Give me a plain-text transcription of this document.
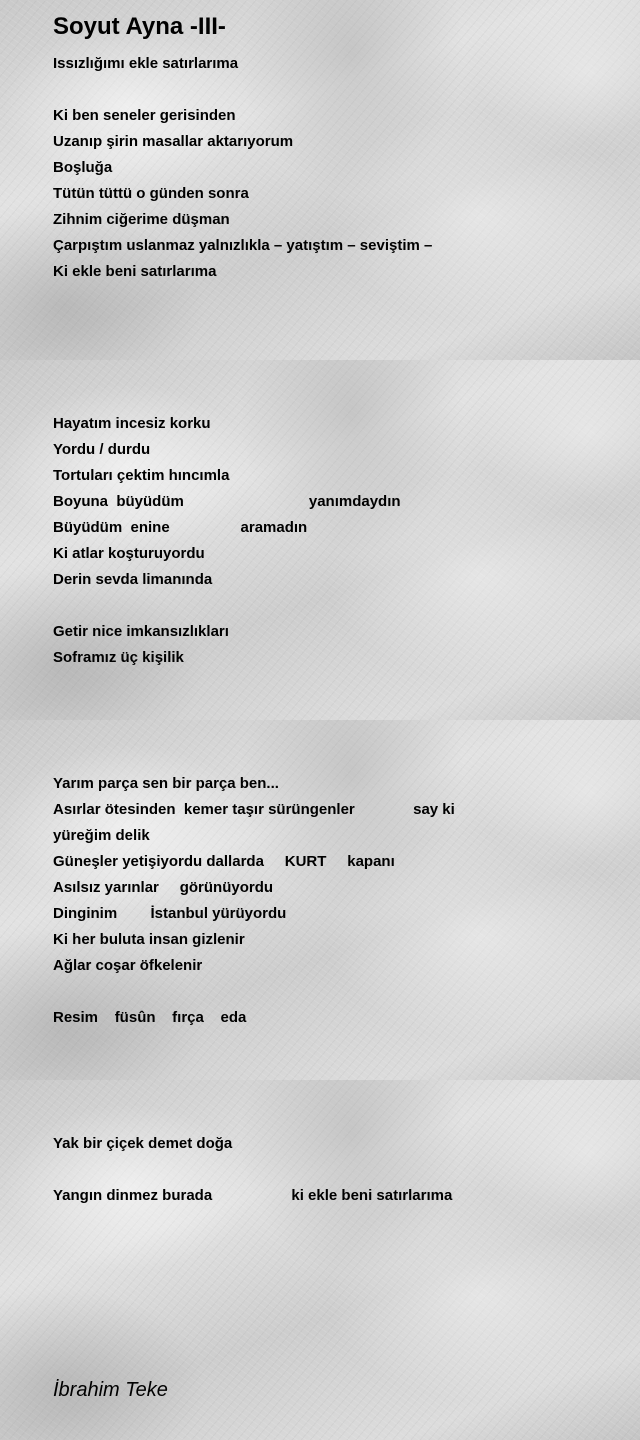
Soyut Ayna -III-
Issızlığımı ekle satırlarıma
Ki ben seneler gerisinden
Uzanıp şirin masallar aktarıyorum
Boşluğa
Tütün tüttü o günden sonra
Zihnim ciğerime düşman
Çarpıştım uslanmaz yalnızlıkla – yatıştım – seviştim –
Ki ekle beni satırlarıma
Hayatım incesiz korku
Yordu / durdu
Tortuları çektim hıncımla
Boyuna  büyüdüm                              yanımdaydın
Büyüdüm  enine                 aramadın
Ki atlar koşturuyordu
Derin sevda limanında
Getir nice imkansızlıkları
Soframız üç kişilik
Yarım parça sen bir parça ben...
Asırlar ötesinden  kemer taşır sürüngenler              say ki
yüreğim delik
Güneşler yetişiyordu dallarda     KURT     kapanı
Asılsız yarınlar     görünüyordu
Dinginim        İstanbul yürüyordu
Ki her buluta insan gizlenir
Ağlar coşar öfkelenir
Resim    füsûn    fırça    eda
Yak bir çiçek demet doğa
Yangın dinmez burada                   ki ekle beni satırlarıma
İbrahim Teke
